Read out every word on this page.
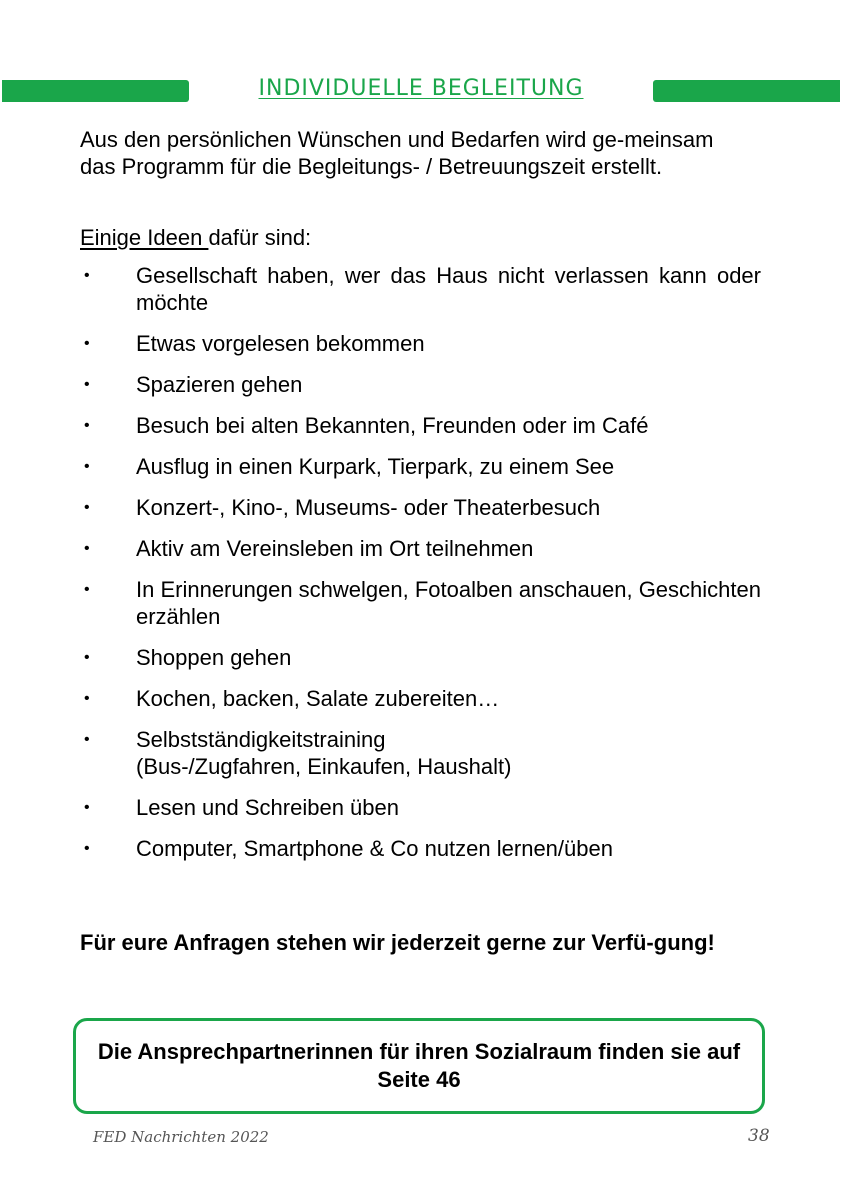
INDIVIDUELLE BEGLEITUNG

Aus den persönlichen Wünschen und Bedarfen wird ge-meinsam das Programm für die Begleitungs- / Betreuungszeit erstellt.

Einige Ideen dafür sind:

• Gesellschaft haben, wer das Haus nicht verlassen kann oder möchte
• Etwas vorgelesen bekommen
• Spazieren gehen
• Besuch bei alten Bekannten, Freunden oder im Café
• Ausflug in einen Kurpark, Tierpark, zu einem See
• Konzert-, Kino-, Museums- oder Theaterbesuch
• Aktiv am Vereinsleben im Ort teilnehmen
• In Erinnerungen schwelgen, Fotoalben anschauen, Geschichten erzählen
• Shoppen gehen
• Kochen, backen, Salate zubereiten…
• Selbstständigkeitstraining
(Bus-/Zugfahren, Einkaufen, Haushalt)
• Lesen und Schreiben üben
• Computer, Smartphone & Co nutzen lernen/üben

Für eure Anfragen stehen wir jederzeit gerne zur Verfü-gung!

Die Ansprechpartnerinnen für ihren Sozialraum finden sie auf Seite 46

FED Nachrichten 2022	38
